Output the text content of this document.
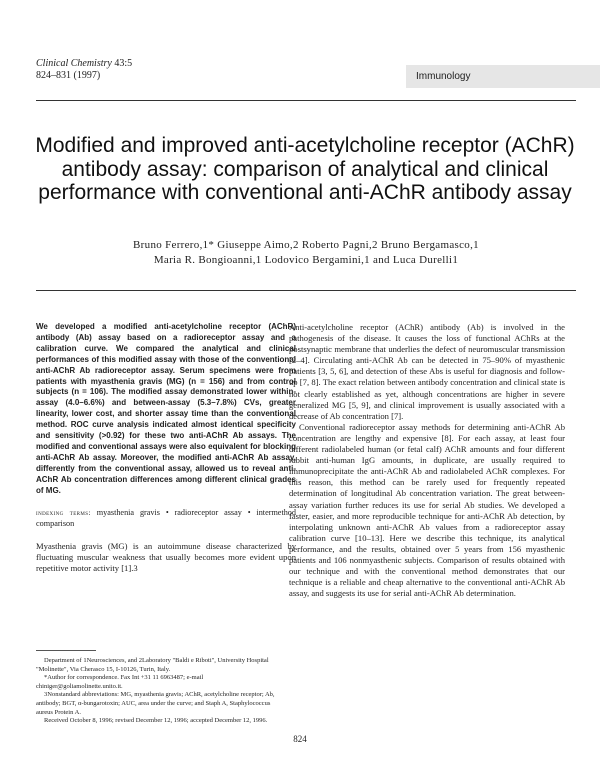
Clinical Chemistry 43:5
824–831 (1997)	Immunology
Modified and improved anti-acetylcholine receptor (AChR) antibody assay: comparison of analytical and clinical performance with conventional anti-AChR antibody assay
Bruno Ferrero,1* Giuseppe Aimo,2 Roberto Pagni,2 Bruno Bergamasco,1
Maria R. Bongioanni,1 Lodovico Bergamini,1 and Luca Durelli1

We developed a modified anti-acetylcholine receptor (AChR) antibody (Ab) assay based on a radioreceptor assay and a calibration curve. We compared the analytical and clinical performances of this modified assay with those of the conventional anti-AChR Ab radioreceptor assay. Serum specimens were from patients with myasthenia gravis (MG) (n = 156) and from control subjects (n = 106). The modified assay demonstrated lower within-assay (4.0–6.6%) and between-assay (5.3–7.8%) CVs, greater linearity, lower cost, and shorter assay time than the conventional method. ROC curve analysis indicated almost identical specificity and sensitivity (>0.92) for these two anti-AChR Ab assays. The modified and conventional assays were also equivalent for blocking anti-AChR Ab assay. Moreover, the modified anti-AChR Ab assay, differently from the conventional assay, allowed us to reveal anti-AChR Ab concentration differences among different clinical grades of MG.

indexing terms: myasthenia gravis • radioreceptor assay • intermethod comparison

Myasthenia gravis (MG) is an autoimmune disease characterized by fluctuating muscular weakness that usually becomes more evident upon repetitive motor activity [1].3

Anti-acetylcholine receptor (AChR) antibody (Ab) is involved in the pathogenesis of the disease. It causes the loss of functional AChRs at the postsynaptic membrane that underlies the defect of neuromuscular transmission [2–4]. Circulating anti-AChR Ab can be detected in 75–90% of myasthenic patients [3, 5, 6], and detection of these Abs is useful for diagnosis and follow-up [7, 8]. The exact relation between antibody concentration and clinical state is not clearly established as yet, although concentrations are higher in severe generalized MG [5, 9], and clinical improvement is usually associated with a decrease of Ab concentration [7].

Conventional radioreceptor assay methods for determining anti-AChR Ab concentration are lengthy and expensive [8]. For each assay, at least four different radiolabeled human (or fetal calf) AChR amounts and four different rabbit anti-human IgG amounts, in duplicate, are usually required to immunoprecipitate the anti-AChR Ab and radiolabeled AChR complexes. For this reason, this method can be rarely used for frequently repeated determination of longitudinal Ab concentration variation. The great between-assay variation further reduces its use for serial Ab studies. We developed a faster, easier, and more reproducible technique for anti-AChR Ab detection, by interpolating unknown anti-AChR Ab values from a radioreceptor assay calibration curve [10–13]. Here we describe this technique, its analytical performance, and the results, obtained over 5 years from 156 myasthenic patients and 106 nonmyasthenic subjects. Comparison of results obtained with our technique and with the conventional method demonstrates that our technique is a reliable and cheap alternative to the conventional anti-AChR Ab assay, and suggests its use for serial anti-AChR Ab determination.

Department of 1Neurosciences, and 2Laboratory "Baldi e Riboti", University Hospital "Molinette", Via Cherasco 15, I-10126, Turin, Italy.

*Author for correspondence. Fax Int +31 11 6963487; e-mail chiniger@goliamolinette.unito.it.

3Nonstandard abbreviations: MG, myasthenia gravis; AChR, acetylcholine receptor; Ab, antibody; BGT, α-bungarotoxin; AUC, area under the curve; and Staph A, Staphylococcus aureus Protein A.

Received October 8, 1996; revised December 12, 1996; accepted December 12, 1996.

824
